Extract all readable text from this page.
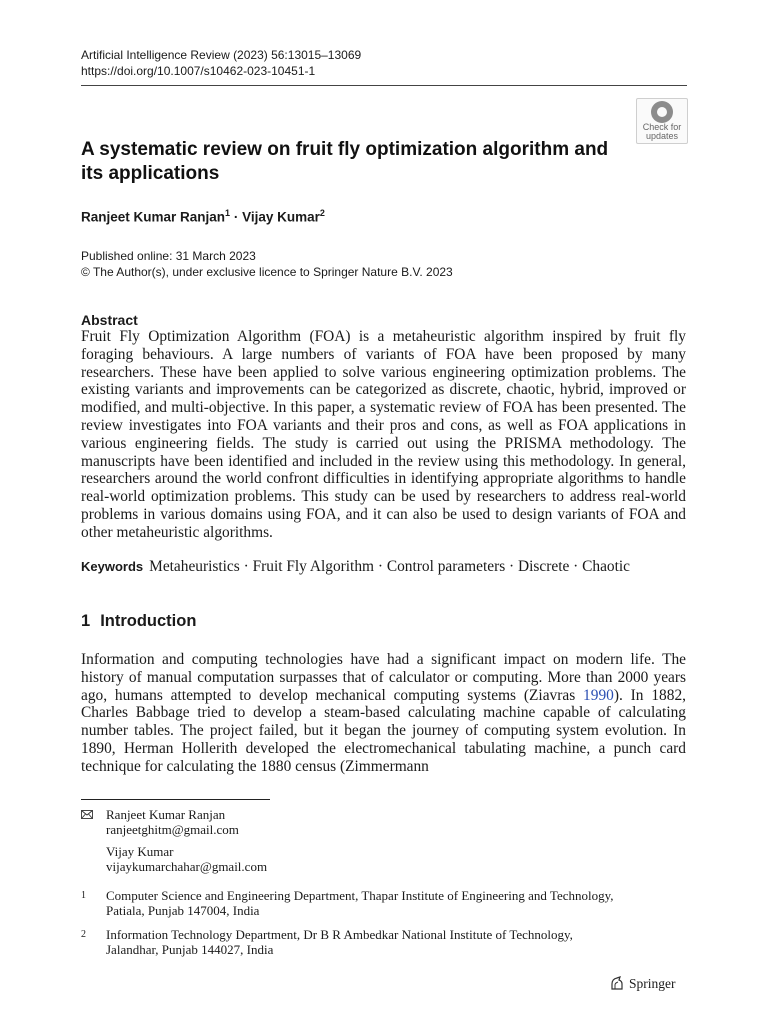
Artificial Intelligence Review (2023) 56:13015–13069
https://doi.org/10.1007/s10462-023-10451-1
Check for
updates
A systematic review on fruit fly optimization algorithm and its applications
Ranjeet Kumar Ranjan$^1$ · Vijay Kumar$^2$
Published online: 31 March 2023
© The Author(s), under exclusive licence to Springer Nature B.V. 2023
Abstract

Fruit Fly Optimization Algorithm (FOA) is a metaheuristic algorithm inspired by fruit fly foraging behaviours. A large numbers of variants of FOA have been proposed by many researchers. These have been applied to solve various engineering optimization problems. The existing variants and improvements can be categorized as discrete, chaotic, hybrid, improved or modified, and multi-objective. In this paper, a systematic review of FOA has been presented. The review investigates into FOA variants and their pros and cons, as well as FOA applications in various engineering fields. The study is carried out using the PRISMA methodology. The manuscripts have been identified and included in the review using this methodology. In general, researchers around the world confront difficulties in identifying appropriate algorithms to handle real-world optimization problems. This study can be used by researchers to address real-world problems in various domains using FOA, and it can also be used to design variants of FOA and other metaheuristic algorithms.

Keywords Metaheuristics · Fruit Fly Algorithm · Control parameters · Discrete · Chaotic
1 Introduction

Information and computing technologies have had a significant impact on modern life. The history of manual computation surpasses that of calculator or computing. More than 2000 years ago, humans attempted to develop mechanical computing systems (Ziavras 1990). In 1882, Charles Babbage tried to develop a steam-based calculating machine capable of calculating number tables. The project failed, but it began the journey of computing system evolution. In 1890, Herman Hollerith developed the electromechanical tabulating machine, a punch card technique for calculating the 1880 census (Zimmermann

Ranjeet Kumar Ranjan
ranjeetghitm@gmail.com
Vijay Kumar
vijaykumarchahar@gmail.com
1 Computer Science and Engineering Department, Thapar Institute of Engineering and Technology,
Patiala, Punjab 147004, India
2 Information Technology Department, Dr B R Ambedkar National Institute of Technology,
Jalandhar, Punjab 144027, India
Springer
